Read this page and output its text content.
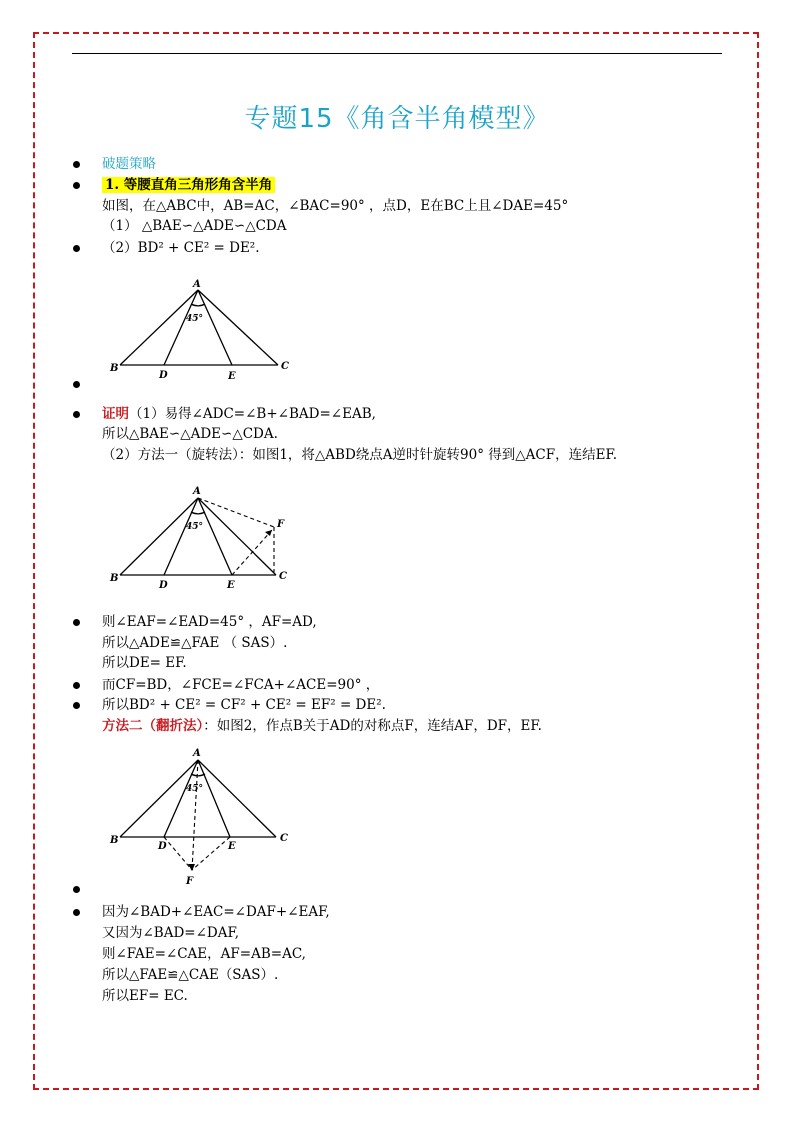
专题15《角含半角模型》
破题策略
1. 等腰直角三角形角含半角
如图，在△ABC中，AB=AC，∠BAC=90° ，点D，E在BC上且∠DAE=45°
（1） △BAE∽△ADE∽△CDA
（2）BD² + CE² = DE².
证明（1）易得∠ADC=∠B+∠BAD=∠EAB,
所以△BAE∽△ADE∽△CDA.
（2）方法一（旋转法）：如图1，将△ABD绕点A逆时针旋转90° 得到△ACF，连结EF.
则∠EAF=∠EAD=45° ，AF=AD,
所以△ADE≌△FAE （ SAS）.
所以DE= EF.
而CF=BD，∠FCE=∠FCA+∠ACE=90° ，
所以BD² + CE² = CF² + CE² = EF² = DE².
方法二（翻折法）：如图2，作点B关于AD的对称点F，连结AF，DF，EF.
因为∠BAD+∠EAC=∠DAF+∠EAF,
又因为∠BAD=∠DAF,
则∠FAE=∠CAE，AF=AB=AC,
所以△FAE≌△CAE（SAS）.
所以EF= EC.
A
B	C
D	E
45°
A
B	C
D	E
F
45°
A
B	C
D	E
F
45°
